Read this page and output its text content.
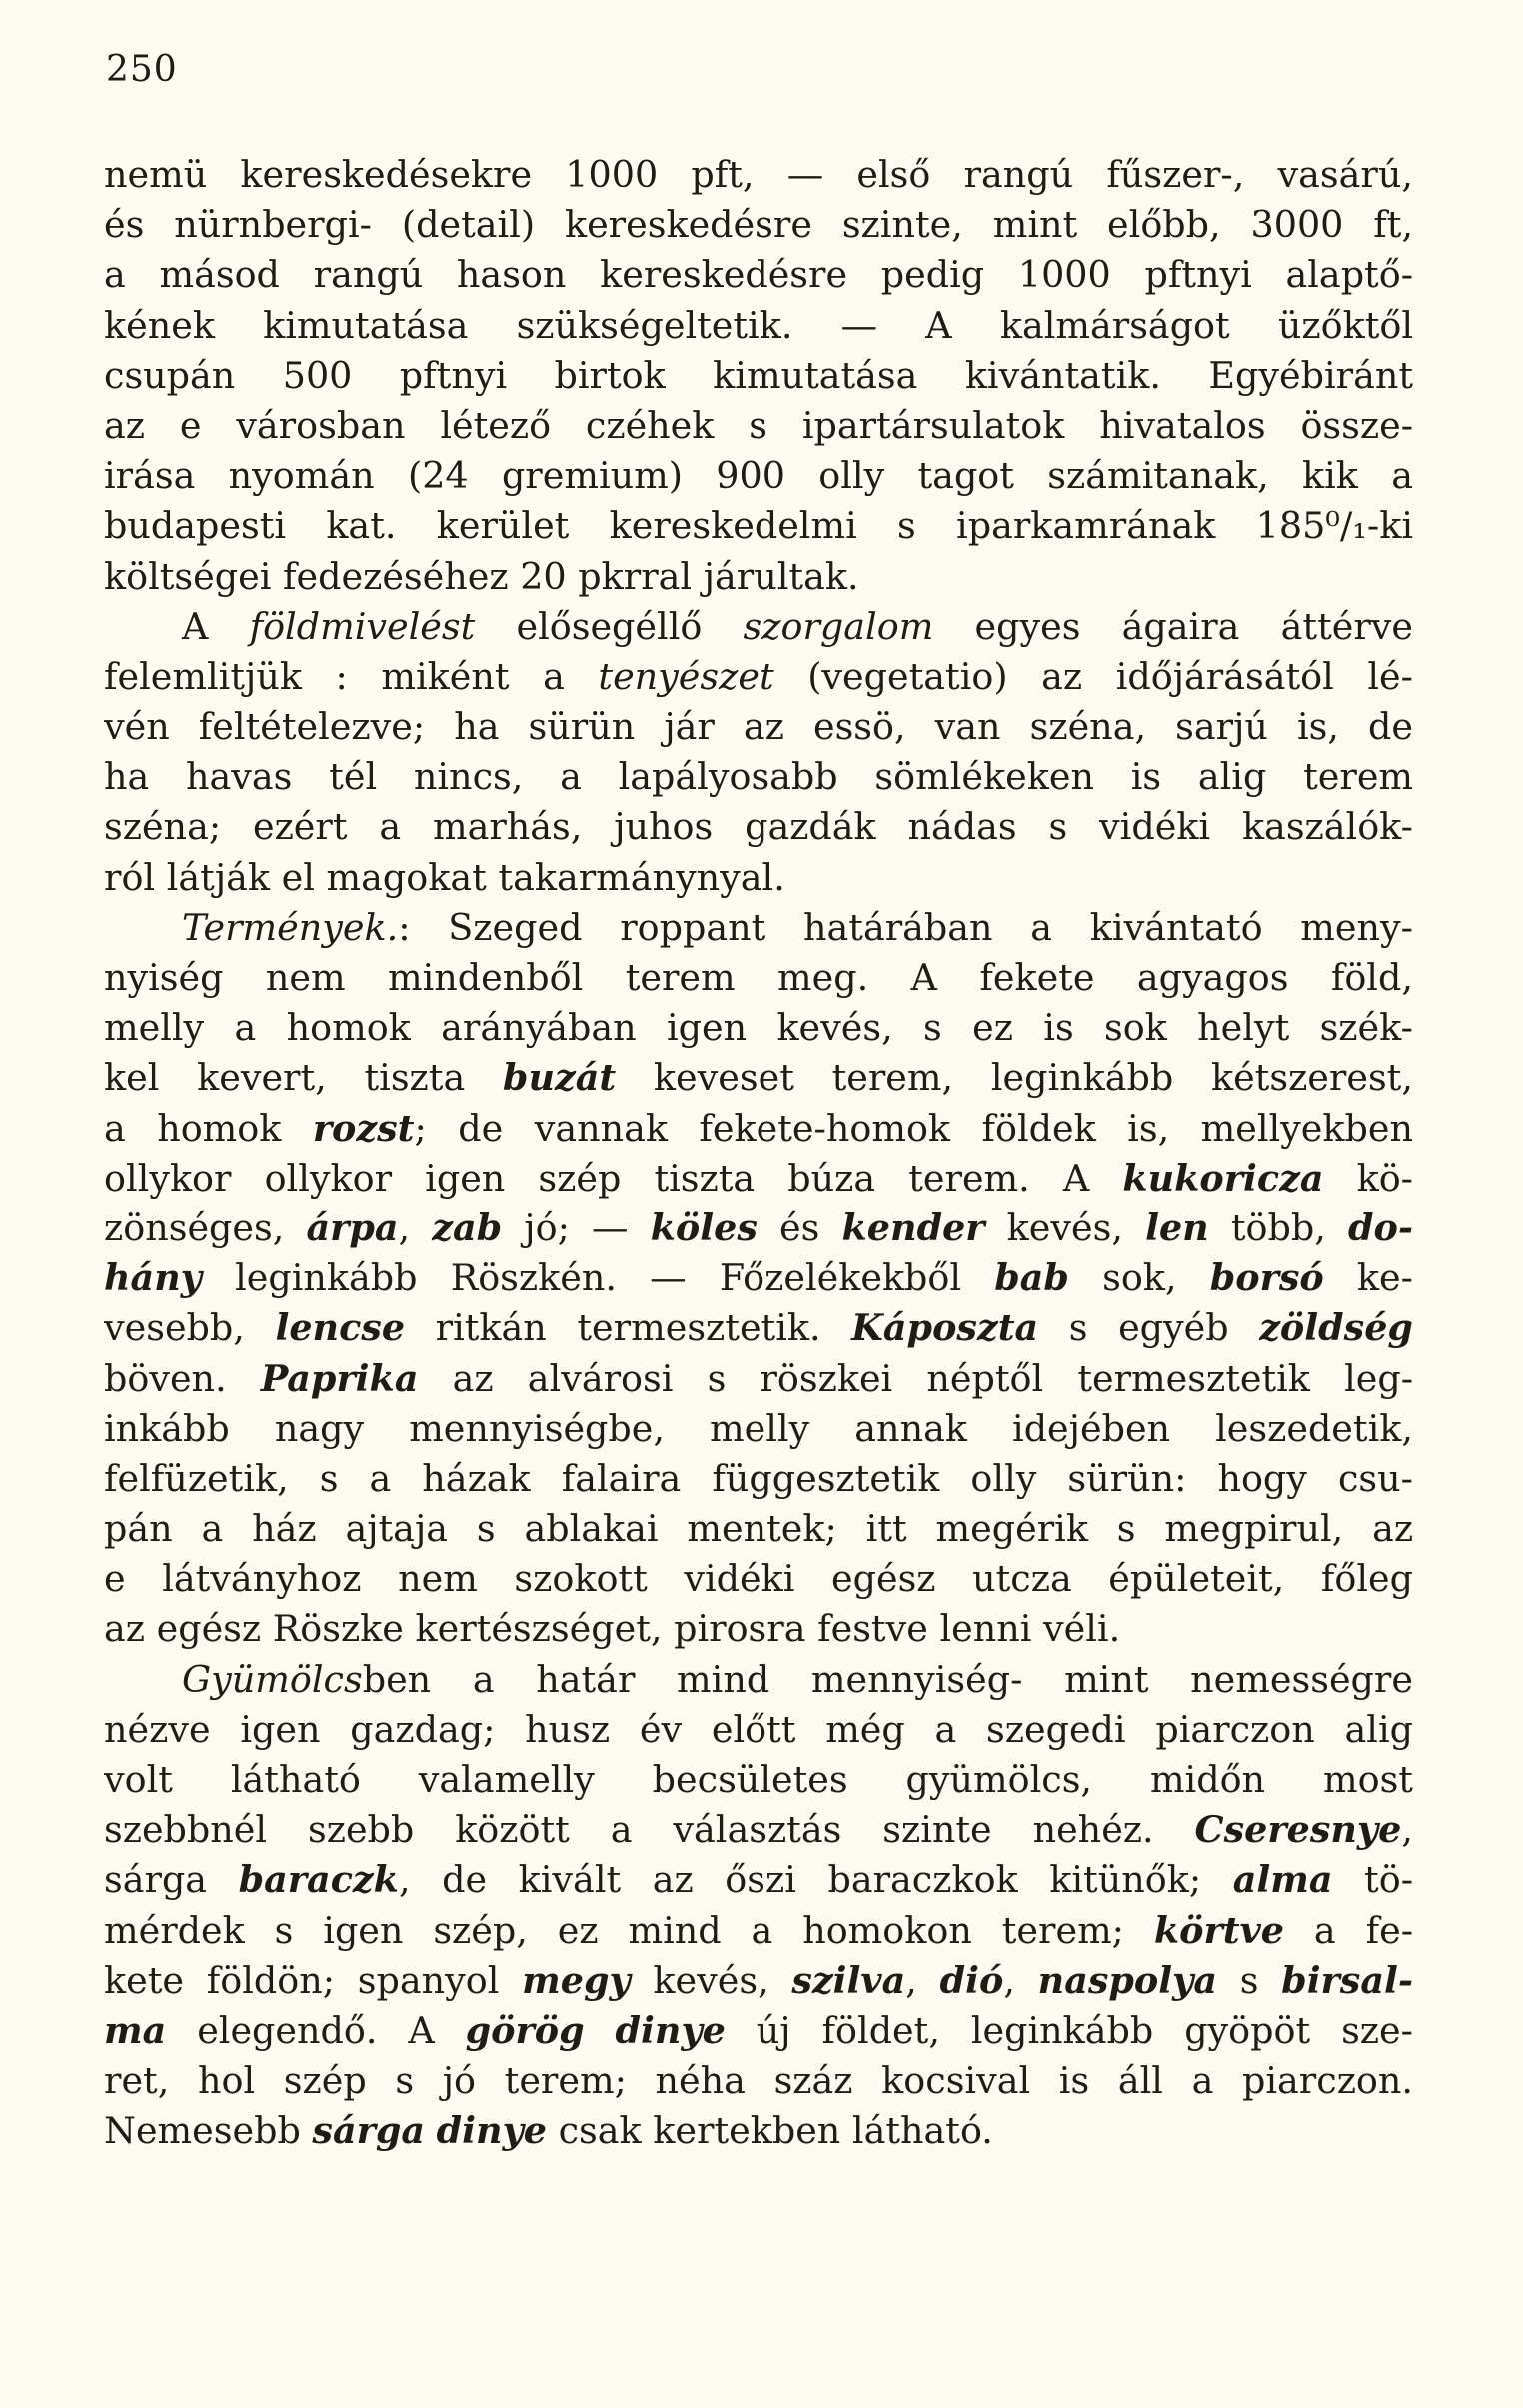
250
nemü kereskedésekre 1000 pft, — első rangú fűszer-, vasárú,
és nürnbergi- (detail) kereskedésre szinte, mint előbb, 3000 ft,
a másod rangú hason kereskedésre pedig 1000 pftnyi alaptő-
kének kimutatása szükségeltetik. — A kalmárságot üzőktől
csupán 500 pftnyi birtok kimutatása kivántatik. Egyébiránt
az e városban létező czéhek s ipartársulatok hivatalos össze-
irása nyomán (24 gremium) 900 olly tagot számitanak, kik a
budapesti kat. kerület kereskedelmi s iparkamrának 185⁰/₁-ki
költségei fedezéséhez 20 pkrral járultak.
A földmivelést elősegéllő szorgalom egyes ágaira áttérve
felemlitjük : miként a tenyészet (vegetatio) az időjárásától lé-
vén feltételezve; ha sürün jár az essö, van széna, sarjú is, de
ha havas tél nincs, a lapályosabb sömlékeken is alig terem
széna; ezért a marhás, juhos gazdák nádas s vidéki kaszálók-
ról látják el magokat takarmánynyal.
Termények.: Szeged roppant határában a kivántató meny-
nyiség nem mindenből terem meg. A fekete agyagos föld,
melly a homok arányában igen kevés, s ez is sok helyt szék-
kel kevert, tiszta buzát keveset terem, leginkább kétszerest,
a homok rozst; de vannak fekete-homok földek is, mellyekben
ollykor ollykor igen szép tiszta búza terem. A kukoricza kö-
zönséges, árpa, zab jó; — köles és kender kevés, len több, do-
hány leginkább Röszkén. — Főzelékekből bab sok, borsó ke-
vesebb, lencse ritkán termesztetik. Káposzta s egyéb zöldség
böven. Paprika az alvárosi s röszkei néptől termesztetik leg-
inkább nagy mennyiségbe, melly annak idejében leszedetik,
felfüzetik, s a házak falaira függesztetik olly sürün: hogy csu-
pán a ház ajtaja s ablakai mentek; itt megérik s megpirul, az
e látványhoz nem szokott vidéki egész utcza épületeit, főleg
az egész Röszke kertészséget, pirosra festve lenni véli.
Gyümölcsben a határ mind mennyiség- mint nemességre
nézve igen gazdag; husz év előtt még a szegedi piarczon alig
volt látható valamelly becsületes gyümölcs, midőn most
szebbnél szebb között a választás szinte nehéz. Cseresnye,
sárga baraczk, de kivált az őszi baraczkok kitünők; alma tö-
mérdek s igen szép, ez mind a homokon terem; körtve a fe-
kete földön; spanyol megy kevés, szilva, dió, naspolya s birsal-
ma elegendő. A görög dinye új földet, leginkább gyöpöt sze-
ret, hol szép s jó terem; néha száz kocsival is áll a piarczon.
Nemesebb sárga dinye csak kertekben látható.
